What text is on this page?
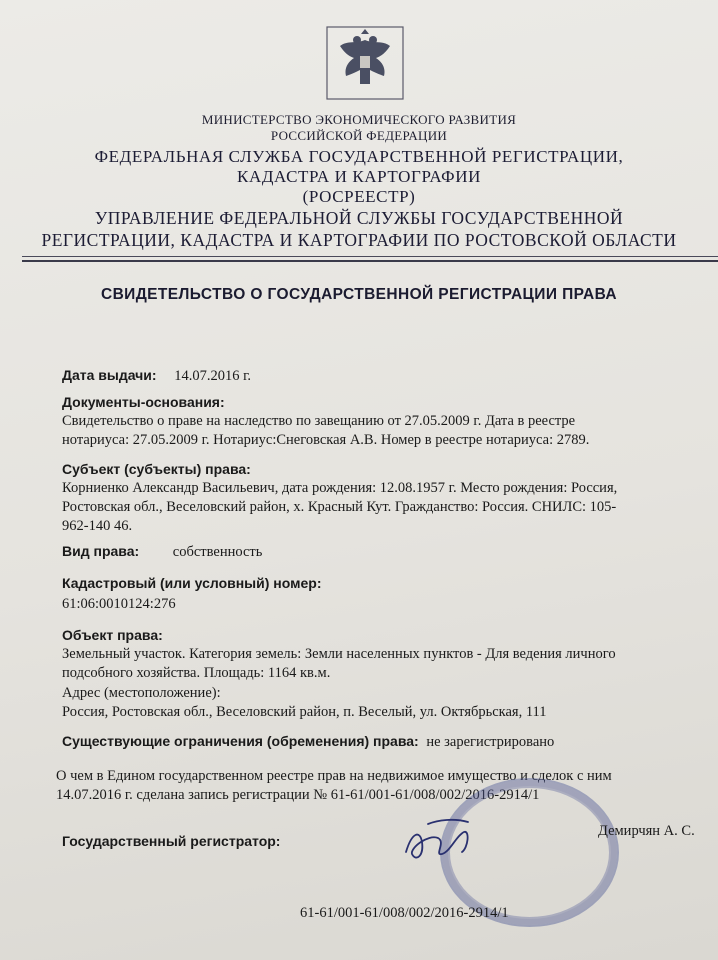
МИНИСТЕРСТВО ЭКОНОМИЧЕСКОГО РАЗВИТИЯ
РОССИЙСКОЙ ФЕДЕРАЦИИ
ФЕДЕРАЛЬНАЯ СЛУЖБА ГОСУДАРСТВЕННОЙ РЕГИСТРАЦИИ,
КАДАСТРА И КАРТОГРАФИИ
(РОСРЕЕСТР)
УПРАВЛЕНИЕ ФЕДЕРАЛЬНОЙ СЛУЖБЫ ГОСУДАРСТВЕННОЙ
РЕГИСТРАЦИИ, КАДАСТРА И КАРТОГРАФИИ ПО РОСТОВСКОЙ ОБЛАСТИ
СВИДЕТЕЛЬСТВО О ГОСУДАРСТВЕННОЙ РЕГИСТРАЦИИ ПРАВА
Дата выдачи: 14.07.2016 г.
Документы-основания:
Свидетельство о праве на наследство по завещанию от 27.05.2009 г. Дата в реестре
нотариуса: 27.05.2009 г. Нотариус:Снеговская А.В. Номер в реестре нотариуса: 2789.
Субъект (субъекты) права:
Корниенко Александр Васильевич, дата рождения: 12.08.1957 г. Место рождения: Россия,
Ростовская обл., Веселовский район, х. Красный Кут. Гражданство: Россия. СНИЛС: 105-
962-140 46.
Вид права: собственность
Кадастровый (или условный) номер:
61:06:0010124:276
Объект права:
Земельный участок. Категория земель: Земли населенных пунктов - Для ведения личного
подсобного хозяйства. Площадь: 1164 кв.м.
Адрес (местоположение):
Россия, Ростовская обл., Веселовский район, п. Веселый, ул. Октябрьская, 111
Существующие ограничения (обременения) права: не зарегистрировано
О чем в Едином государственном реестре прав на недвижимое имущество и сделок с ним
14.07.2016 г. сделана запись регистрации № 61-61/001-61/008/002/2016-2914/1
Государственный регистратор:
Демирчян А. С.
61-61/001-61/008/002/2016-2914/1
